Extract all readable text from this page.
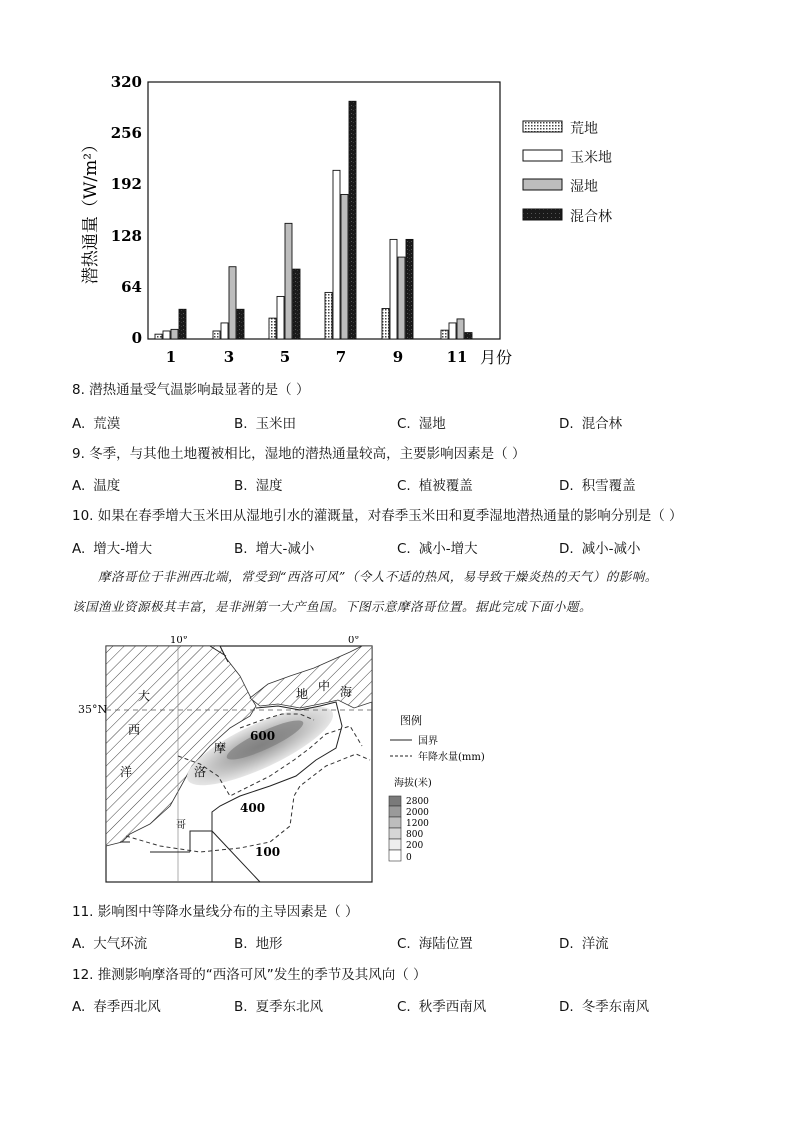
潜热通量（W/m²）
0
64
128
192
256
320
1	3	5	7	9	11 月份
荒地
玉米地
湿地
混合林
8. 潜热通量受气温影响最显著的是（ ）
A. 荒漠	B. 玉米田	C. 湿地	D. 混合林
9. 冬季，与其他土地覆被相比，湿地的潜热通量较高，主要影响因素是（ ）
A. 温度	B. 湿度	C. 植被覆盖	D. 积雪覆盖
10. 如果在春季增大玉米田从湿地引水的灌溉量，对春季玉米田和夏季湿地潜热通量的影响分别是（ ）
A. 增大-增大	B. 增大-减小	C. 减小-增大	D. 减小-减小
摩洛哥位于非洲西北端，常受到“西洛可风”（令人不适的热风，易导致干燥炎热的天气）的影响。
该国渔业资源极其丰富，是非洲第一大产鱼国。下图示意摩洛哥位置。据此完成下面小题。
10°	0°
大
西
洋
地
中 海
摩
洛
哥
600
400
100
图例
国界
年降水量(mm)
海拔(米)
2800
2000
1200
800
200
0
35°N
11. 影响图中等降水量线分布的主导因素是（ ）
A. 大气环流	B. 地形	C. 海陆位置	D. 洋流
12. 推测影响摩洛哥的“西洛可风”发生的季节及其风向（ ）
A. 春季西北风	B. 夏季东北风	C. 秋季西南风	D. 冬季东南风
